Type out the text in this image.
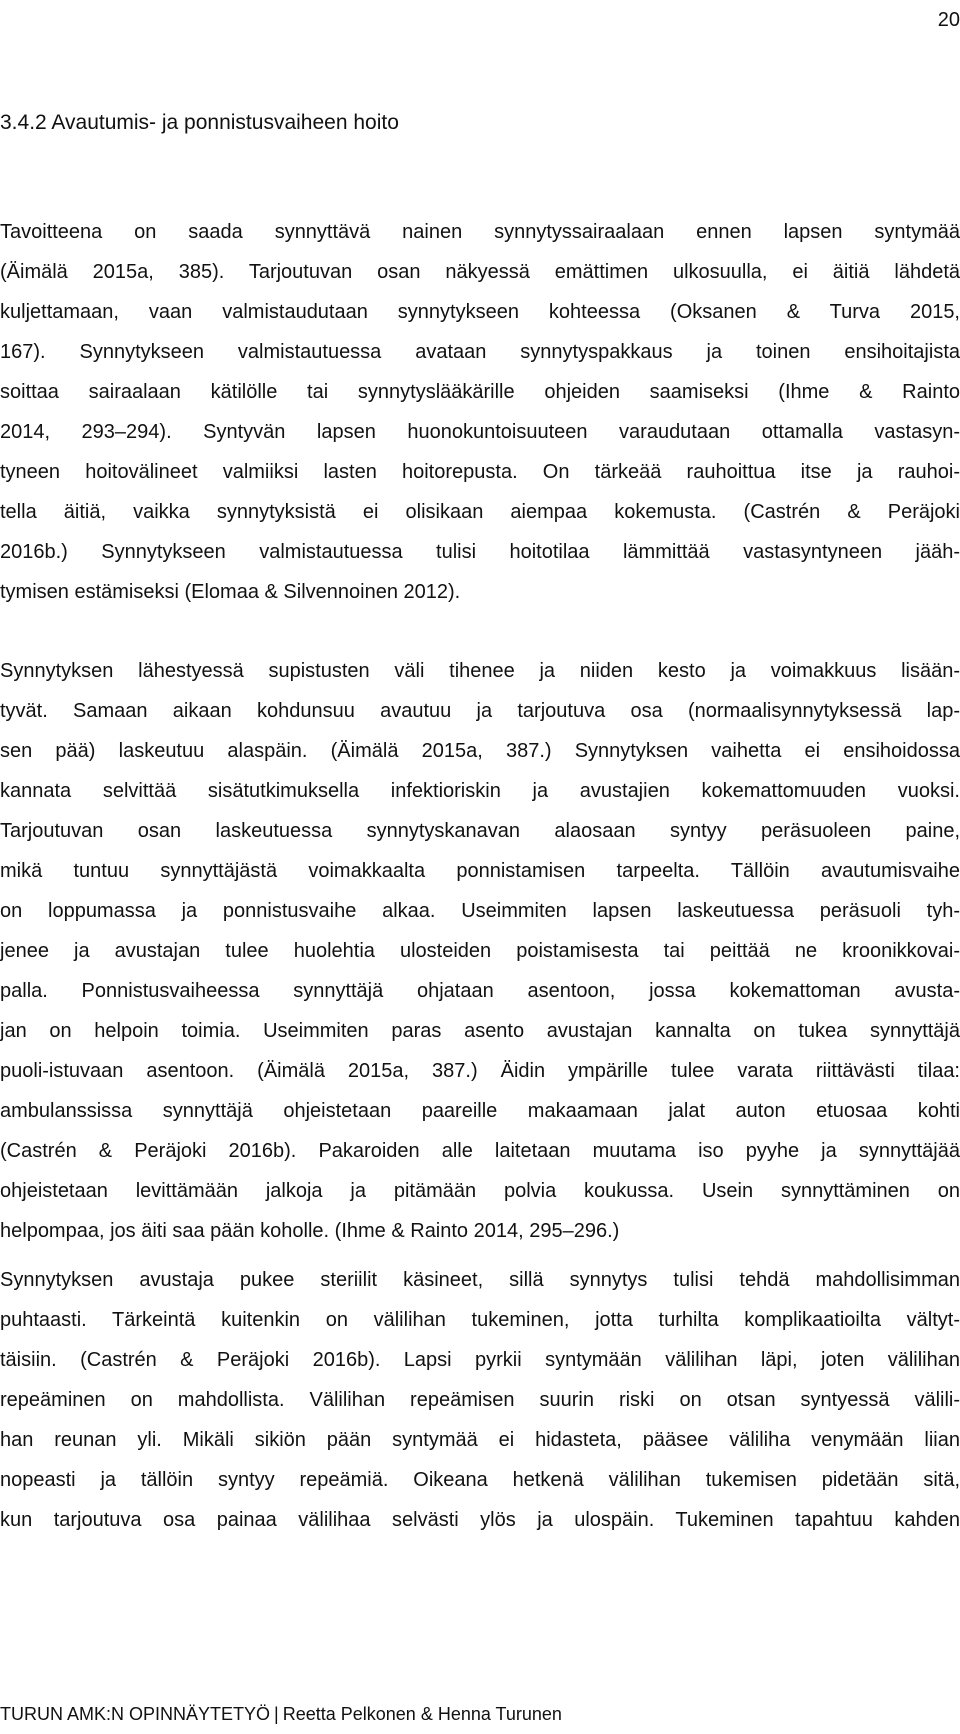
20
3.4.2 Avautumis- ja ponnistusvaiheen hoito
Tavoitteena on saada synnyttävä nainen synnytyssairaalaan ennen lapsen syntymää
(Äimälä 2015a, 385). Tarjoutuvan osan näkyessä emättimen ulkosuulla, ei äitiä lähdetä
kuljettamaan, vaan valmistaudutaan synnytykseen kohteessa (Oksanen & Turva 2015,
167). Synnytykseen valmistautuessa avataan synnytyspakkaus ja toinen ensihoitajista
soittaa sairaalaan kätilölle tai synnytyslääkärille ohjeiden saamiseksi (Ihme & Rainto
2014, 293–294). Syntyvän lapsen huonokuntoisuuteen varaudutaan ottamalla vastasyn-
tyneen hoitovälineet valmiiksi lasten hoitorepusta. On tärkeää rauhoittua itse ja rauhoi-
tella äitiä, vaikka synnytyksistä ei olisikaan aiempaa kokemusta. (Castrén & Peräjoki
2016b.) Synnytykseen valmistautuessa tulisi hoitotilaa lämmittää vastasyntyneen jääh-
tymisen estämiseksi (Elomaa & Silvennoinen 2012).
Synnytyksen lähestyessä supistusten väli tihenee ja niiden kesto ja voimakkuus lisään-
tyvät. Samaan aikaan kohdunsuu avautuu ja tarjoutuva osa (normaalisynnytyksessä lap-
sen pää) laskeutuu alaspäin. (Äimälä 2015a, 387.) Synnytyksen vaihetta ei ensihoidossa
kannata selvittää sisätutkimuksella infektioriskin ja avustajien kokemattomuuden vuoksi.
Tarjoutuvan osan laskeutuessa synnytyskanavan alaosaan syntyy peräsuoleen paine,
mikä tuntuu synnyttäjästä voimakkaalta ponnistamisen tarpeelta. Tällöin avautumisvaihe
on loppumassa ja ponnistusvaihe alkaa. Useimmiten lapsen laskeutuessa peräsuoli tyh-
jenee ja avustajan tulee huolehtia ulosteiden poistamisesta tai peittää ne kroonikkovai-
palla. Ponnistusvaiheessa synnyttäjä ohjataan asentoon, jossa kokemattoman avusta-
jan on helpoin toimia. Useimmiten paras asento avustajan kannalta on tukea synnyttäjä
puoli-istuvaan asentoon. (Äimälä 2015a, 387.) Äidin ympärille tulee varata riittävästi tilaa:
ambulanssissa synnyttäjä ohjeistetaan paareille makaamaan jalat auton etuosaa kohti
(Castrén & Peräjoki 2016b). Pakaroiden alle laitetaan muutama iso pyyhe ja synnyttäjää
ohjeistetaan levittämään jalkoja ja pitämään polvia koukussa. Usein synnyttäminen on
helpompaa, jos äiti saa pään koholle. (Ihme & Rainto 2014, 295–296.)
Synnytyksen avustaja pukee steriilit käsineet, sillä synnytys tulisi tehdä mahdollisimman
puhtaasti. Tärkeintä kuitenkin on välilihan tukeminen, jotta turhilta komplikaatioilta vältyt-
täisiin. (Castrén & Peräjoki 2016b). Lapsi pyrkii syntymään välilihan läpi, joten välilihan
repeäminen on mahdollista. Välilihan repeämisen suurin riski on otsan syntyessä välili-
han reunan yli. Mikäli sikiön pään syntymää ei hidasteta, pääsee väliliha venymään liian
nopeasti ja tällöin syntyy repeämiä. Oikeana hetkenä välilihan tukemisen pidetään sitä,
kun tarjoutuva osa painaa välilihaa selvästi ylös ja ulospäin. Tukeminen tapahtuu kahden
TURUN AMK:N OPINNÄYTETYÖ | Reetta Pelkonen & Henna Turunen
